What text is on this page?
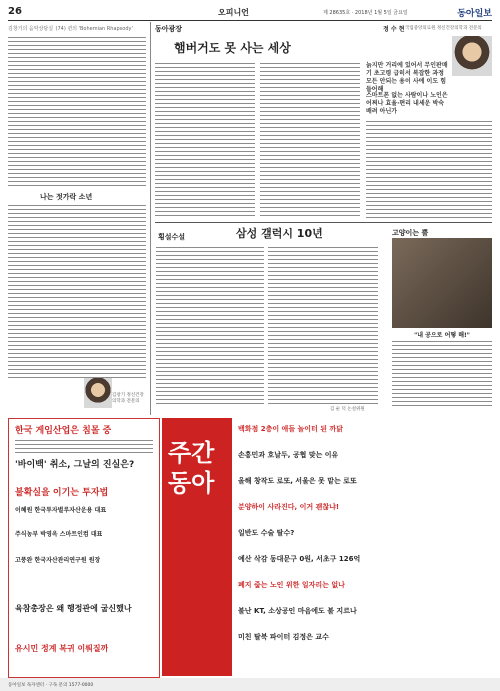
26	오피니언	제 28635호 · 2018년 1월 5일 금요일	동아일보
김창기의 음악상담실 (74) 퀸의 'Bohemian Rhapsody'
나는 젓가락 소년
김창기 정신건강의학과 전문의
동아광장	정 수 현 국립중앙의료원 정신건강의학과 전문의
햄버거도 못 사는 세상
늙지만 거리에 있어서 무인판매기 초고령 급히서 복잡한 과정 모든 안되는 용이 사에 이도 힘들어해
스마트폰 없는 사람이나 노인은 어쩌나 효율·편리 내세운 박숙 배려 아닌가
횡설수설	삼성 갤럭시 10년
김 순 덕 논설위원
고양이는 뿔
"내 공으로 어떻 해!"
한국 게임산업은 침몰 중
'바이백' 취소, 그날의 진실은?
불확실을 이기는 투자법
이혜원 한국투자별루자산운용 대표
주식농부 박영옥 스마트인컴 대표
고풍완 한국자산관리연구원 원장
육참총장은 왜 행정관에 굽신했나
유시민 정계 복귀 이뤄질까
주간 동아
백화점 2층이 애들 놀이터 된 까닭
손흥민과 호날두, 공협 맞는 이유
올해 창작도 로또, 서울은 못 맡는 로또
분양하이 사라진다, 이거 괜찮냐!
일반도 수술 탈수?
예산 삭감 동대문구 0원, 서초구 126억
폐지 줍는 노인 위한 일자리는 없나
불난 KT, 소상공인 마음에도 불 지르나
미친 탈북 파이터 김정은 교수
동아일보 독자센터 · 구독 문의 1577-0000
